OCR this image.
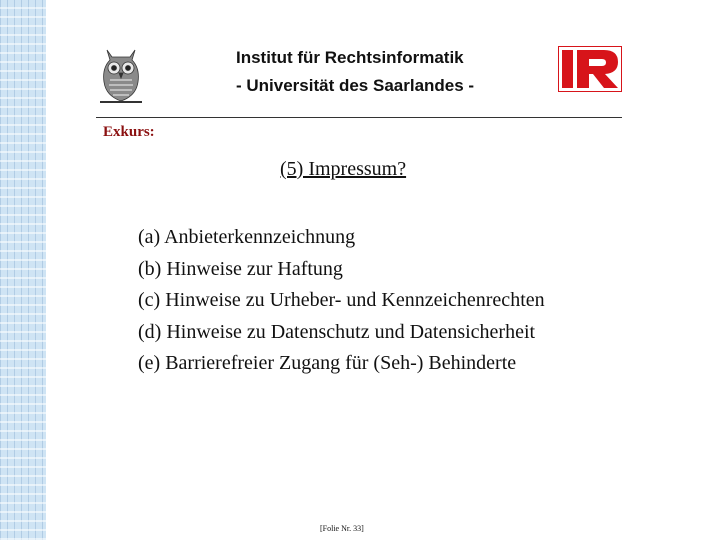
Institut für Rechtsinformatik
- Universität des Saarlandes -
Exkurs:
(5) Impressum?

(a) Anbieterkennzeichnung

(b) Hinweise zur Haftung

(c) Hinweise zu Urheber- und Kennzeichenrechten

(d) Hinweise zu Datenschutz und Datensicherheit

(e) Barrierefreier Zugang für (Seh-) Behinderte

[Folie Nr. 33]
